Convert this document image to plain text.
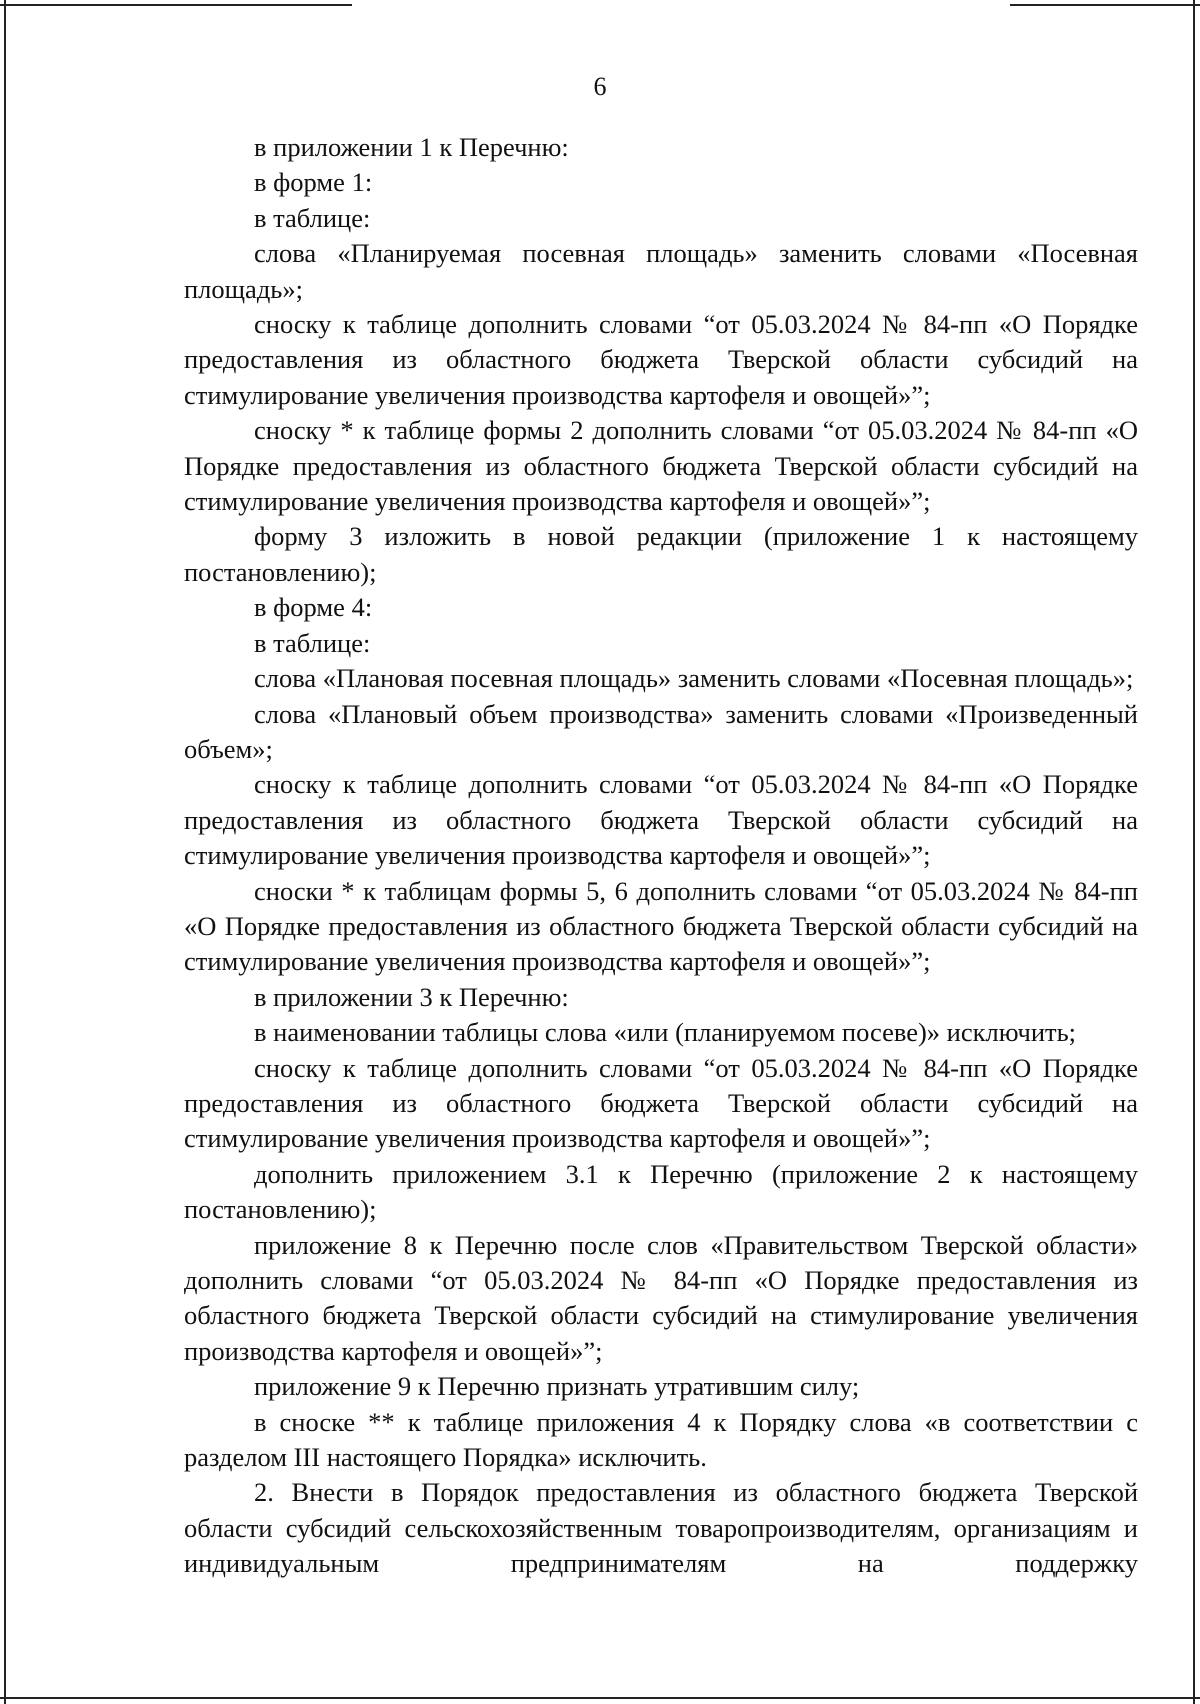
6

в приложении 1 к Перечню:

в форме 1:

в таблице:

слова «Планируемая посевная площадь» заменить словами «Посевная площадь»;

сноску к таблице дополнить словами “от 05.03.2024 № 84-пп «О Порядке предоставления из областного бюджета Тверской области субсидий на стимулирование увеличения производства картофеля и овощей»”;

сноску * к таблице формы 2 дополнить словами “от 05.03.2024 № 84-пп «О Порядке предоставления из областного бюджета Тверской области субсидий на стимулирование увеличения производства картофеля и овощей»”;

форму 3 изложить в новой редакции (приложение 1 к настоящему постановлению);

в форме 4:

в таблице:

слова «Плановая посевная площадь» заменить словами «Посевная площадь»;

слова «Плановый объем производства» заменить словами «Произведенный объем»;

сноску к таблице дополнить словами “от 05.03.2024 № 84-пп «О Порядке предоставления из областного бюджета Тверской области субсидий на стимулирование увеличения производства картофеля и овощей»”;

сноски * к таблицам формы 5, 6 дополнить словами “от 05.03.2024 № 84-пп «О Порядке предоставления из областного бюджета Тверской области субсидий на стимулирование увеличения производства картофеля и овощей»”;

в приложении 3 к Перечню:

в наименовании таблицы слова «или (планируемом посеве)» исключить;

сноску к таблице дополнить словами “от 05.03.2024 № 84-пп «О Порядке предоставления из областного бюджета Тверской области субсидий на стимулирование увеличения производства картофеля и овощей»”;

дополнить приложением 3.1 к Перечню (приложение 2 к настоящему постановлению);

приложение 8 к Перечню после слов «Правительством Тверской области» дополнить словами “от 05.03.2024 № 84-пп «О Порядке предоставления из областного бюджета Тверской области субсидий на стимулирование увеличения производства картофеля и овощей»”;

приложение 9 к Перечню признать утратившим силу;

в сноске ** к таблице приложения 4 к Порядку слова «в соответствии с разделом III настоящего Порядка» исключить.

2. Внести в Порядок предоставления из областного бюджета Тверской области субсидий сельскохозяйственным товаропроизводителям, организациям и индивидуальным предпринимателям на поддержку
